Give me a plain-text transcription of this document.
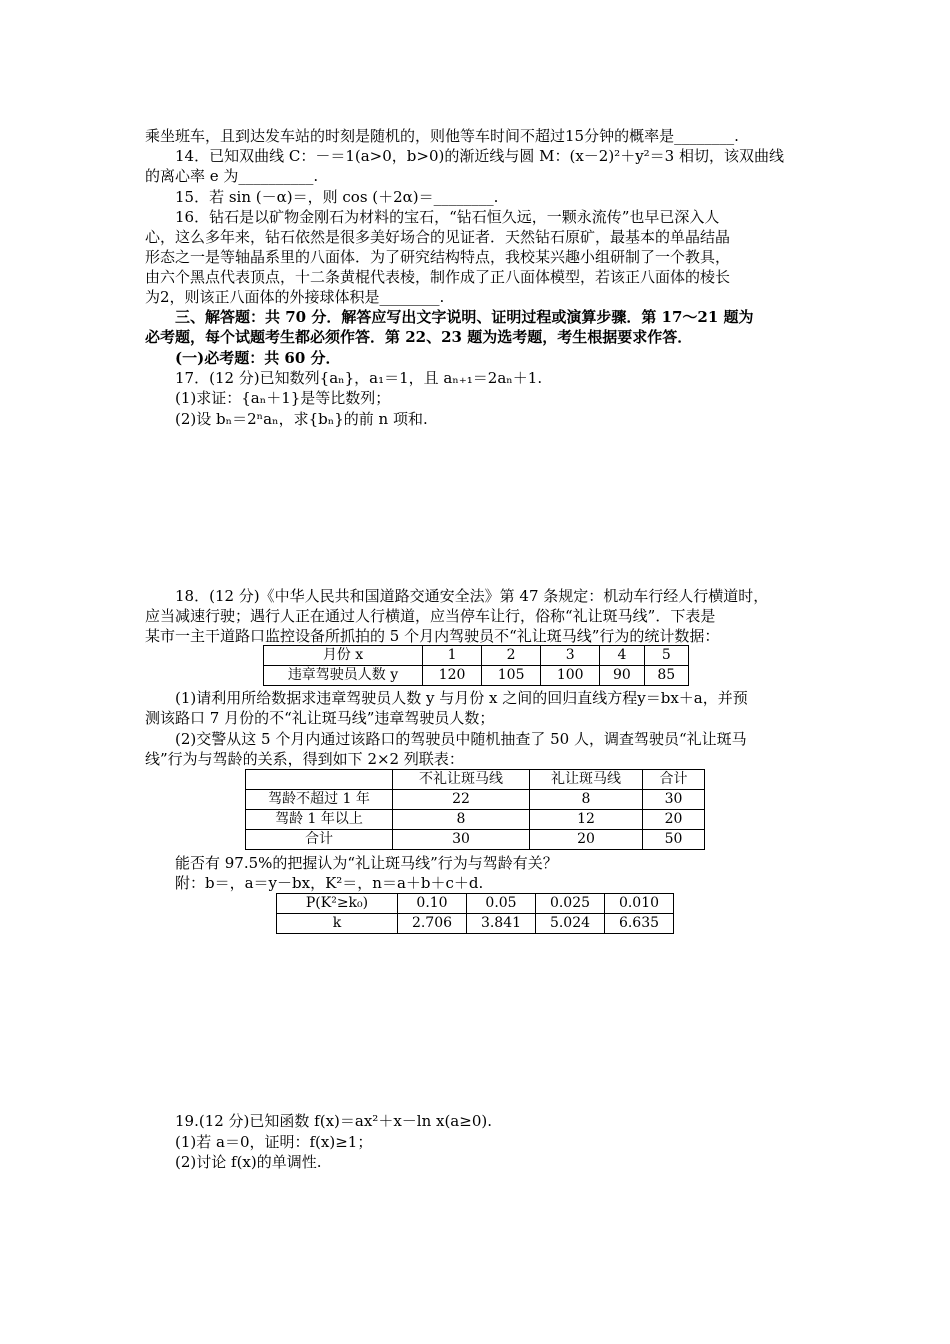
乘坐班车，且到达发车站的时刻是随机的，则他等车时间不超过15分钟的概率是________.
14．已知双曲线 C：－＝1(a>0，b>0)的渐近线与圆 M：(x－2)²＋y²＝3 相切，该双曲线
的离心率 e 为__________.
15．若 sin (－α)＝，则 cos (＋2α)＝________.
16．钻石是以矿物金刚石为材料的宝石，“钻石恒久远，一颗永流传”也早已深入人
心，这么多年来，钻石依然是很多美好场合的见证者．天然钻石原矿，最基本的单晶结晶
形态之一是等轴晶系里的八面体．为了研究结构特点，我校某兴趣小组研制了一个教具，
由六个黑点代表顶点，十二条黄棍代表棱，制作成了正八面体模型，若该正八面体的棱长
为2，则该正八面体的外接球体积是________.
三、解答题：共 70 分．解答应写出文字说明、证明过程或演算步骤．第 17～21 题为
必考题，每个试题考生都必须作答．第 22、23 题为选考题，考生根据要求作答．
(一)必考题：共 60 分．
17．(12 分)已知数列{aₙ}，a₁＝1，且 aₙ₊₁＝2aₙ＋1.
(1)求证：{aₙ＋1}是等比数列；
(2)设 bₙ＝2ⁿaₙ，求{bₙ}的前 n 项和.
18．(12 分)《中华人民共和国道路交通安全法》第 47 条规定：机动车行经人行横道时，
应当减速行驶；遇行人正在通过人行横道，应当停车让行，俗称“礼让斑马线”．下表是
某市一主干道路口监控设备所抓拍的 5 个月内驾驶员不“礼让斑马线”行为的统计数据：
月份 x	1	2	3	4	5
违章驾驶员人数 y	120	105	100	90	85
(1)请利用所给数据求违章驾驶员人数 y 与月份 x 之间的回归直线方程y＝bx＋a，并预
测该路口 7 月份的不“礼让斑马线”违章驾驶员人数；
(2)交警从这 5 个月内通过该路口的驾驶员中随机抽查了 50 人，调查驾驶员“礼让斑马
线”行为与驾龄的关系，得到如下 2×2 列联表：
	不礼让斑马线	礼让斑马线	合计
驾龄不超过 1 年	22	8	30
驾龄 1 年以上	8	12	20
合计	30	20	50
能否有 97.5%的把握认为“礼让斑马线”行为与驾龄有关？
附：b＝，a＝y－bx，K²＝，n＝a＋b＋c＋d.
P(K²≥k₀)	0.10	0.05	0.025	0.010
k	2.706	3.841	5.024	6.635
19.(12 分)已知函数 f(x)＝ax²＋x－ln x(a≥0).
(1)若 a＝0，证明：f(x)≥1；
(2)讨论 f(x)的单调性.
